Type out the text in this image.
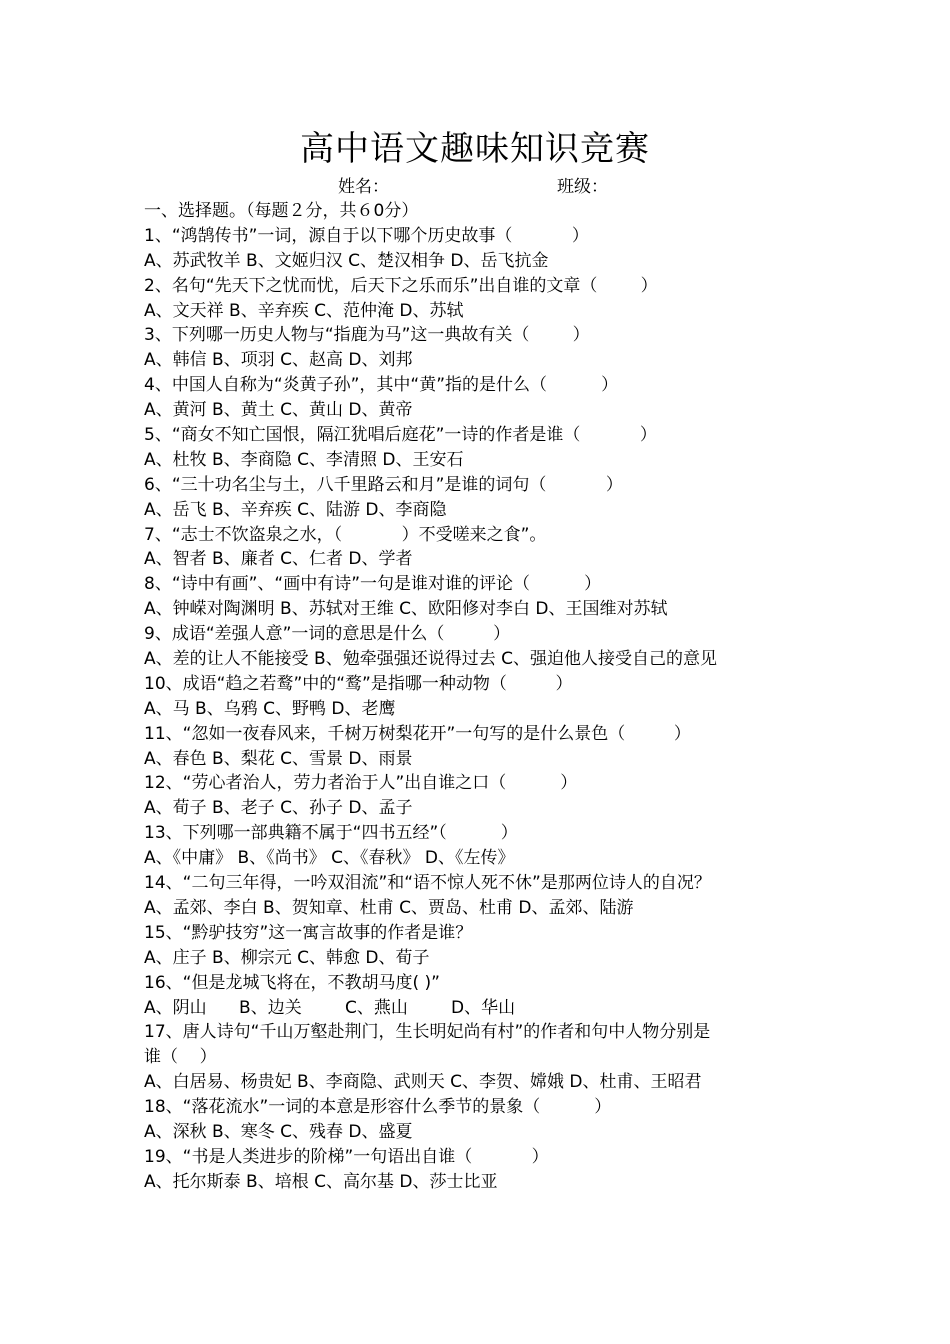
高中语文趣味知识竞赛
姓名：	班级：
一、选择题。（每题２分，共６0分）
1、“鸿鹄传书”一词，源自于以下哪个历史故事（           ）
A、苏武牧羊 B、文姬归汉 C、楚汉相争 D、岳飞抗金
2、名句“先天下之忧而忧，后天下之乐而乐”出自谁的文章（        ）
A、文天祥 B、辛弃疾 C、范仲淹 D、苏轼
3、下列哪一历史人物与“指鹿为马”这一典故有关（        ）
A、韩信 B、项羽 C、赵高 D、刘邦
4、中国人自称为“炎黄子孙”，其中“黄”指的是什么（          ）
A、黄河 B、黄土 C、黄山 D、黄帝
5、“商女不知亡国恨，隔江犹唱后庭花”一诗的作者是谁（           ）
A、杜牧 B、李商隐 C、李清照 D、王安石
6、“三十功名尘与土，八千里路云和月”是谁的词句（           ）
A、岳飞 B、辛弃疾 C、陆游 D、李商隐
7、“志士不饮盗泉之水，（           ）不受嗟来之食”。
A、智者 B、廉者 C、仁者 D、学者
8、“诗中有画”、“画中有诗”一句是谁对谁的评论（          ）
A、钟嵘对陶渊明 B、苏轼对王维 C、欧阳修对李白 D、王国维对苏轼
9、成语“差强人意”一词的意思是什么（         ）
A、差的让人不能接受 B、勉牵强强还说得过去 C、强迫他人接受自己的意见
10、成语“趋之若鹜”中的“鹜”是指哪一种动物（         ）
A、马 B、乌鸦 C、野鸭 D、老鹰
11、“忽如一夜春风来，千树万树梨花开”一句写的是什么景色（         ）
A、春色 B、梨花 C、雪景 D、雨景
12、“劳心者治人，劳力者治于人”出自谁之口（          ）
A、荀子 B、老子 C、孙子 D、孟子
13、下列哪一部典籍不属于“四书五经”（          ）
A、《中庸》 B、《尚书》 C、《春秋》 D、《左传》
14、“二句三年得，一吟双泪流”和“语不惊人死不休”是那两位诗人的自况？
A、孟郊、李白 B、贺知章、杜甫 C、贾岛、杜甫 D、孟郊、陆游
15、“黔驴技穷”这一寓言故事的作者是谁？
A、庄子 B、柳宗元 C、韩愈 D、荀子
16、“但是龙城飞将在，不教胡马度( )”
A、阴山      B、边关        C、燕山        D、华山
17、唐人诗句“千山万壑赴荆门，生长明妃尚有村”的作者和句中人物分别是
谁（    ）
A、白居易、杨贵妃 B、李商隐、武则天 C、李贺、嫦娥 D、杜甫、王昭君
18、“落花流水”一词的本意是形容什么季节的景象（          ）
A、深秋 B、寒冬 C、残春 D、盛夏
19、“书是人类进步的阶梯”一句语出自谁（           ）
A、托尔斯泰 B、培根 C、高尔基 D、莎士比亚
